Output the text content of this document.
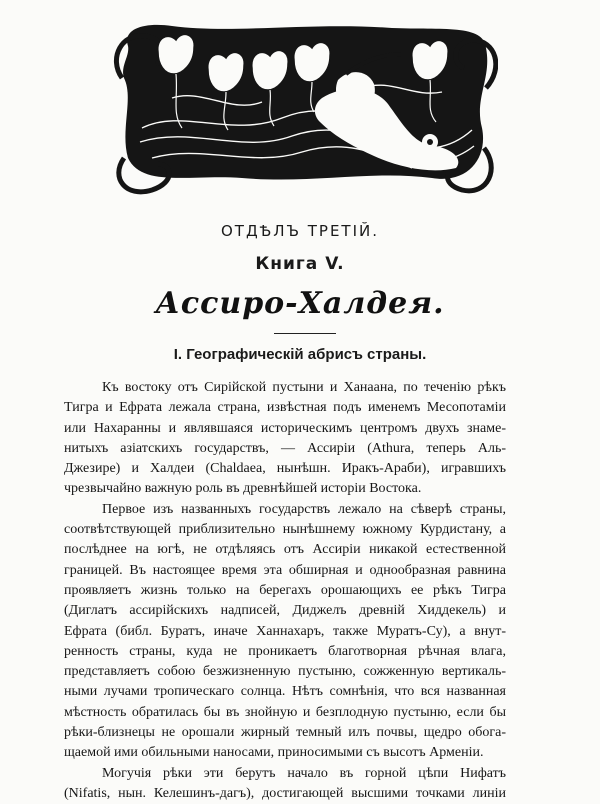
ОТДѢЛЪ ТРЕТІЙ.
Книга V.
Ассиро-Халдея.
I. Географическій абрисъ страны.

Къ востоку отъ Сирійской пустыни и Ханаана, по теченію рѣкъ
Тигра и Ефрата лежала страна, извѣстная подъ именемъ Месопотаміи
или Нахаранны и являвшаяся историческимъ центромъ двухъ знаме-
нитыхъ азіатскихъ государствъ, — Ассиріи (Athura, теперь Аль-
Джезире) и Халдеи (Chaldaea, нынѣшн. Иракъ-Араби), игравшихъ
чрезвычайно важную роль въ древнѣйшей исторіи Востока.

Первое изъ названныхъ государствъ лежало на сѣверѣ страны,
соотвѣтствующей приблизительно нынѣшнему южному Курдистану, а
послѣднее на югѣ, не отдѣляясь отъ Ассиріи никакой естественной
границей. Въ настоящее время эта обширная и однообразная равнина
проявляетъ жизнь только на берегахъ орошающихъ ее рѣкъ Тигра
(Диглатъ ассирійскихъ надписей, Диджелъ древній Хиддекель) и
Ефрата (библ. Буратъ, иначе Ханнахаръ, также Муратъ-Су), а внут-
ренность страны, куда не проникаетъ благотворная рѣчная влага,
представляетъ собою безжизненную пустыню, сожженную вертикаль-
ными лучами тропическаго солнца. Нѣтъ сомнѣнія, что вся названная
мѣстность обратилась бы въ знойную и безплодную пустыню, если бы
рѣки-близнецы не орошали жирный темный илъ почвы, щедро обога-
щаемой ими обильными наносами, приносимыми съ высотъ Арменіи.

Могучія рѣки эти берутъ начало въ горной цѣпи Нифатъ
(Nifatis, нын. Келешинъ-дагъ), достигающей высшими точками линіи
